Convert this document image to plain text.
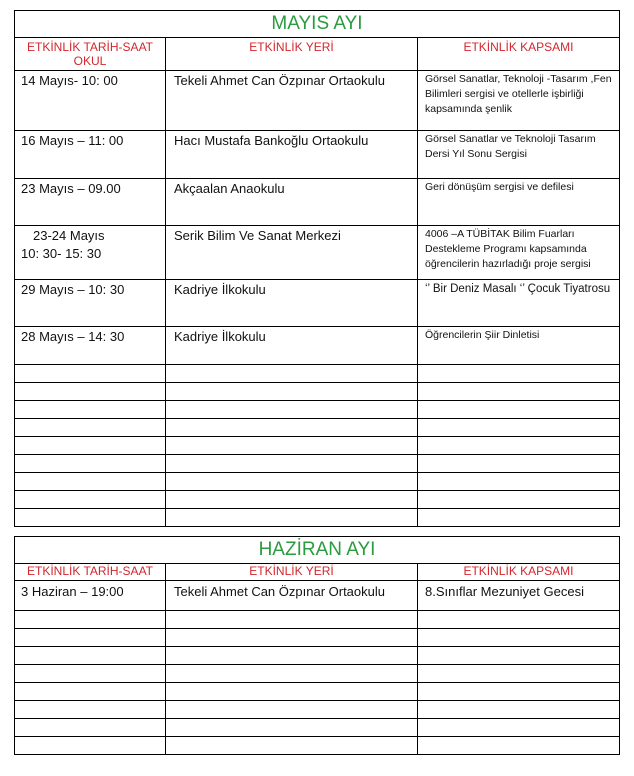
MAYIS AYI		
ETKİNLİK TARİH-SAAT OKUL	ETKİNLİK YERİ	ETKİNLİK KAPSAMI
14 Mayıs- 10: 00	Tekeli Ahmet Can Özpınar Ortaokulu	Görsel Sanatlar, Teknoloji -Tasarım ,Fen Bilimleri sergisi ve otellerle işbirliği kapsamında şenlik
16 Mayıs – 11: 00	Hacı Mustafa Bankoğlu Ortaokulu	Görsel Sanatlar ve Teknoloji Tasarım Dersi Yıl Sonu Sergisi
23 Mayıs – 09.00	Akçaalan Anaokulu	Geri dönüşüm sergisi ve defilesi

23-24 Mayıs
10: 30- 15: 30	Serik Bilim Ve Sanat Merkezi	4006 –A TÜBİTAK Bilim Fuarları Destekleme Programı kapsamında öğrencilerin hazırladığı proje sergisi
29 Mayıs – 10: 30	Kadriye İlkokulu	‘’ Bir Deniz Masalı ‘’ Çocuk Tiyatrosu
28 Mayıs – 14: 30	Kadriye İlkokulu	Öğrencilerin Şiir Dinletisi

HAZİRAN AYI		
ETKİNLİK TARİH-SAAT	ETKİNLİK YERİ	ETKİNLİK KAPSAMI
3 Haziran – 19:00	Tekeli Ahmet Can Özpınar Ortaokulu	8.Sınıflar Mezuniyet Gecesi
